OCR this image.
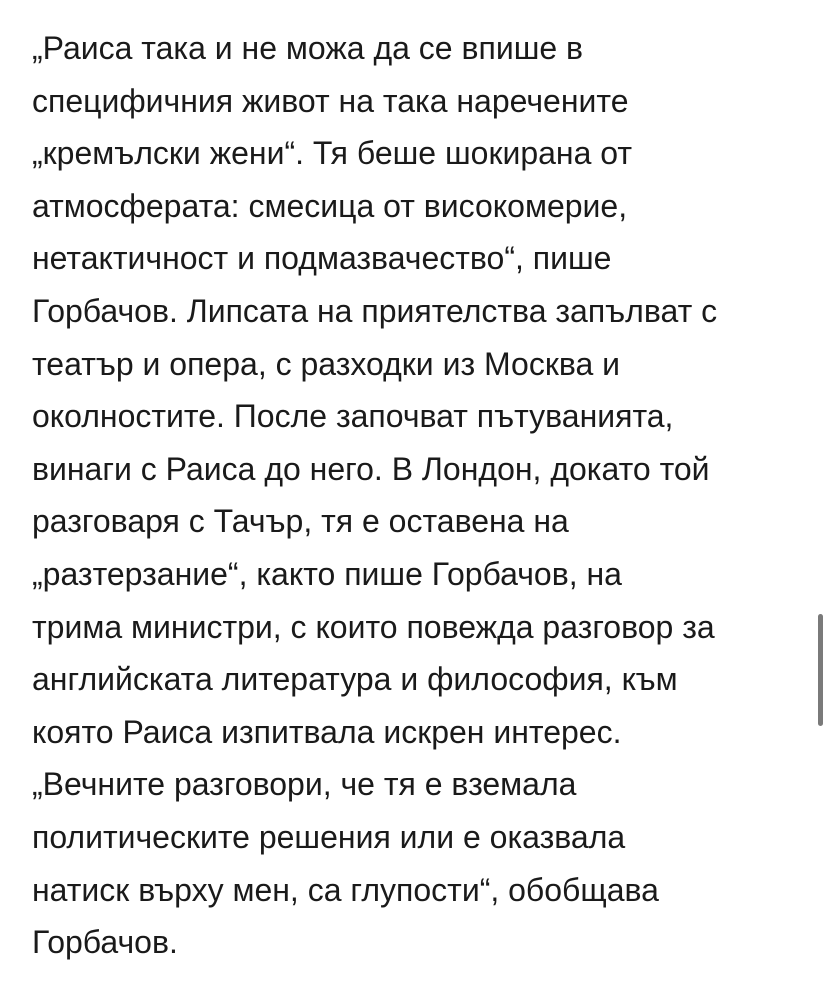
„Раиса така и не можа да се впише в
специфичния живот на така наречените
„кремълски жени“. Тя беше шокирана от
атмосферата: смесица от високомерие,
нетактичност и подмазвачество“, пише
Горбачов. Липсата на приятелства запълват с
театър и опера, с разходки из Москва и
околностите. После започват пътуванията,
винаги с Раиса до него. В Лондон, докато той
разговаря с Тачър, тя е оставена на
„разтерзание“, както пише Горбачов, на
трима министри, с които повежда разговор за
английската литература и философия, към
която Раиса изпитвала искрен интерес.
„Вечните разговори, че тя е вземала
политическите решения или е оказвала
натиск върху мен, са глупости“, обобщава
Горбачов.
